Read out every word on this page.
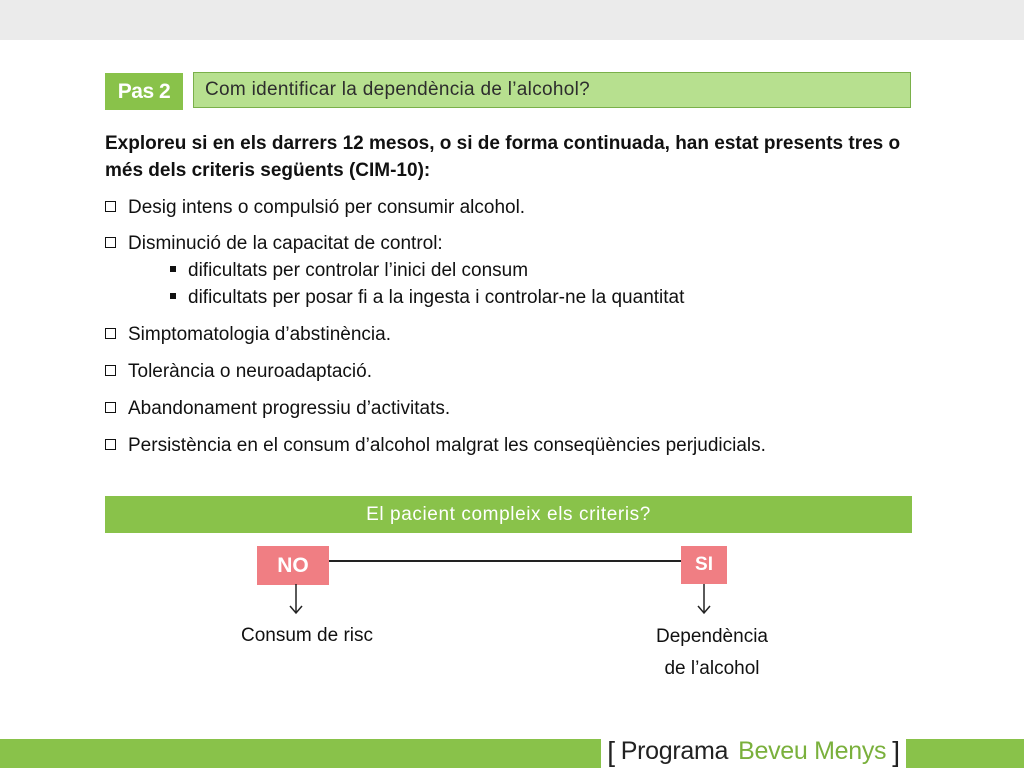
Pas 2	Com identificar la dependència de l’alcohol?
Exploreu si en els darrers 12 mesos, o si de forma continuada, han estat presents tres o més dels criteris següents (CIM-10):
Desig intens o compulsió per consumir alcohol.
Disminució de la capacitat de control:
dificultats per controlar l’inici del consum
dificultats per posar fi a la ingesta i controlar-ne la quantitat
Simptomatologia d’abstinència.
Tolerància o neuroadaptació.
Abandonament progressiu d’activitats.
Persistència en el consum d’alcohol malgrat les conseqüències perjudicials.
El pacient compleix els criteris?
NO	SI
Consum de risc	Dependència
de l’alcohol
[ Programa Beveu Menys ]
